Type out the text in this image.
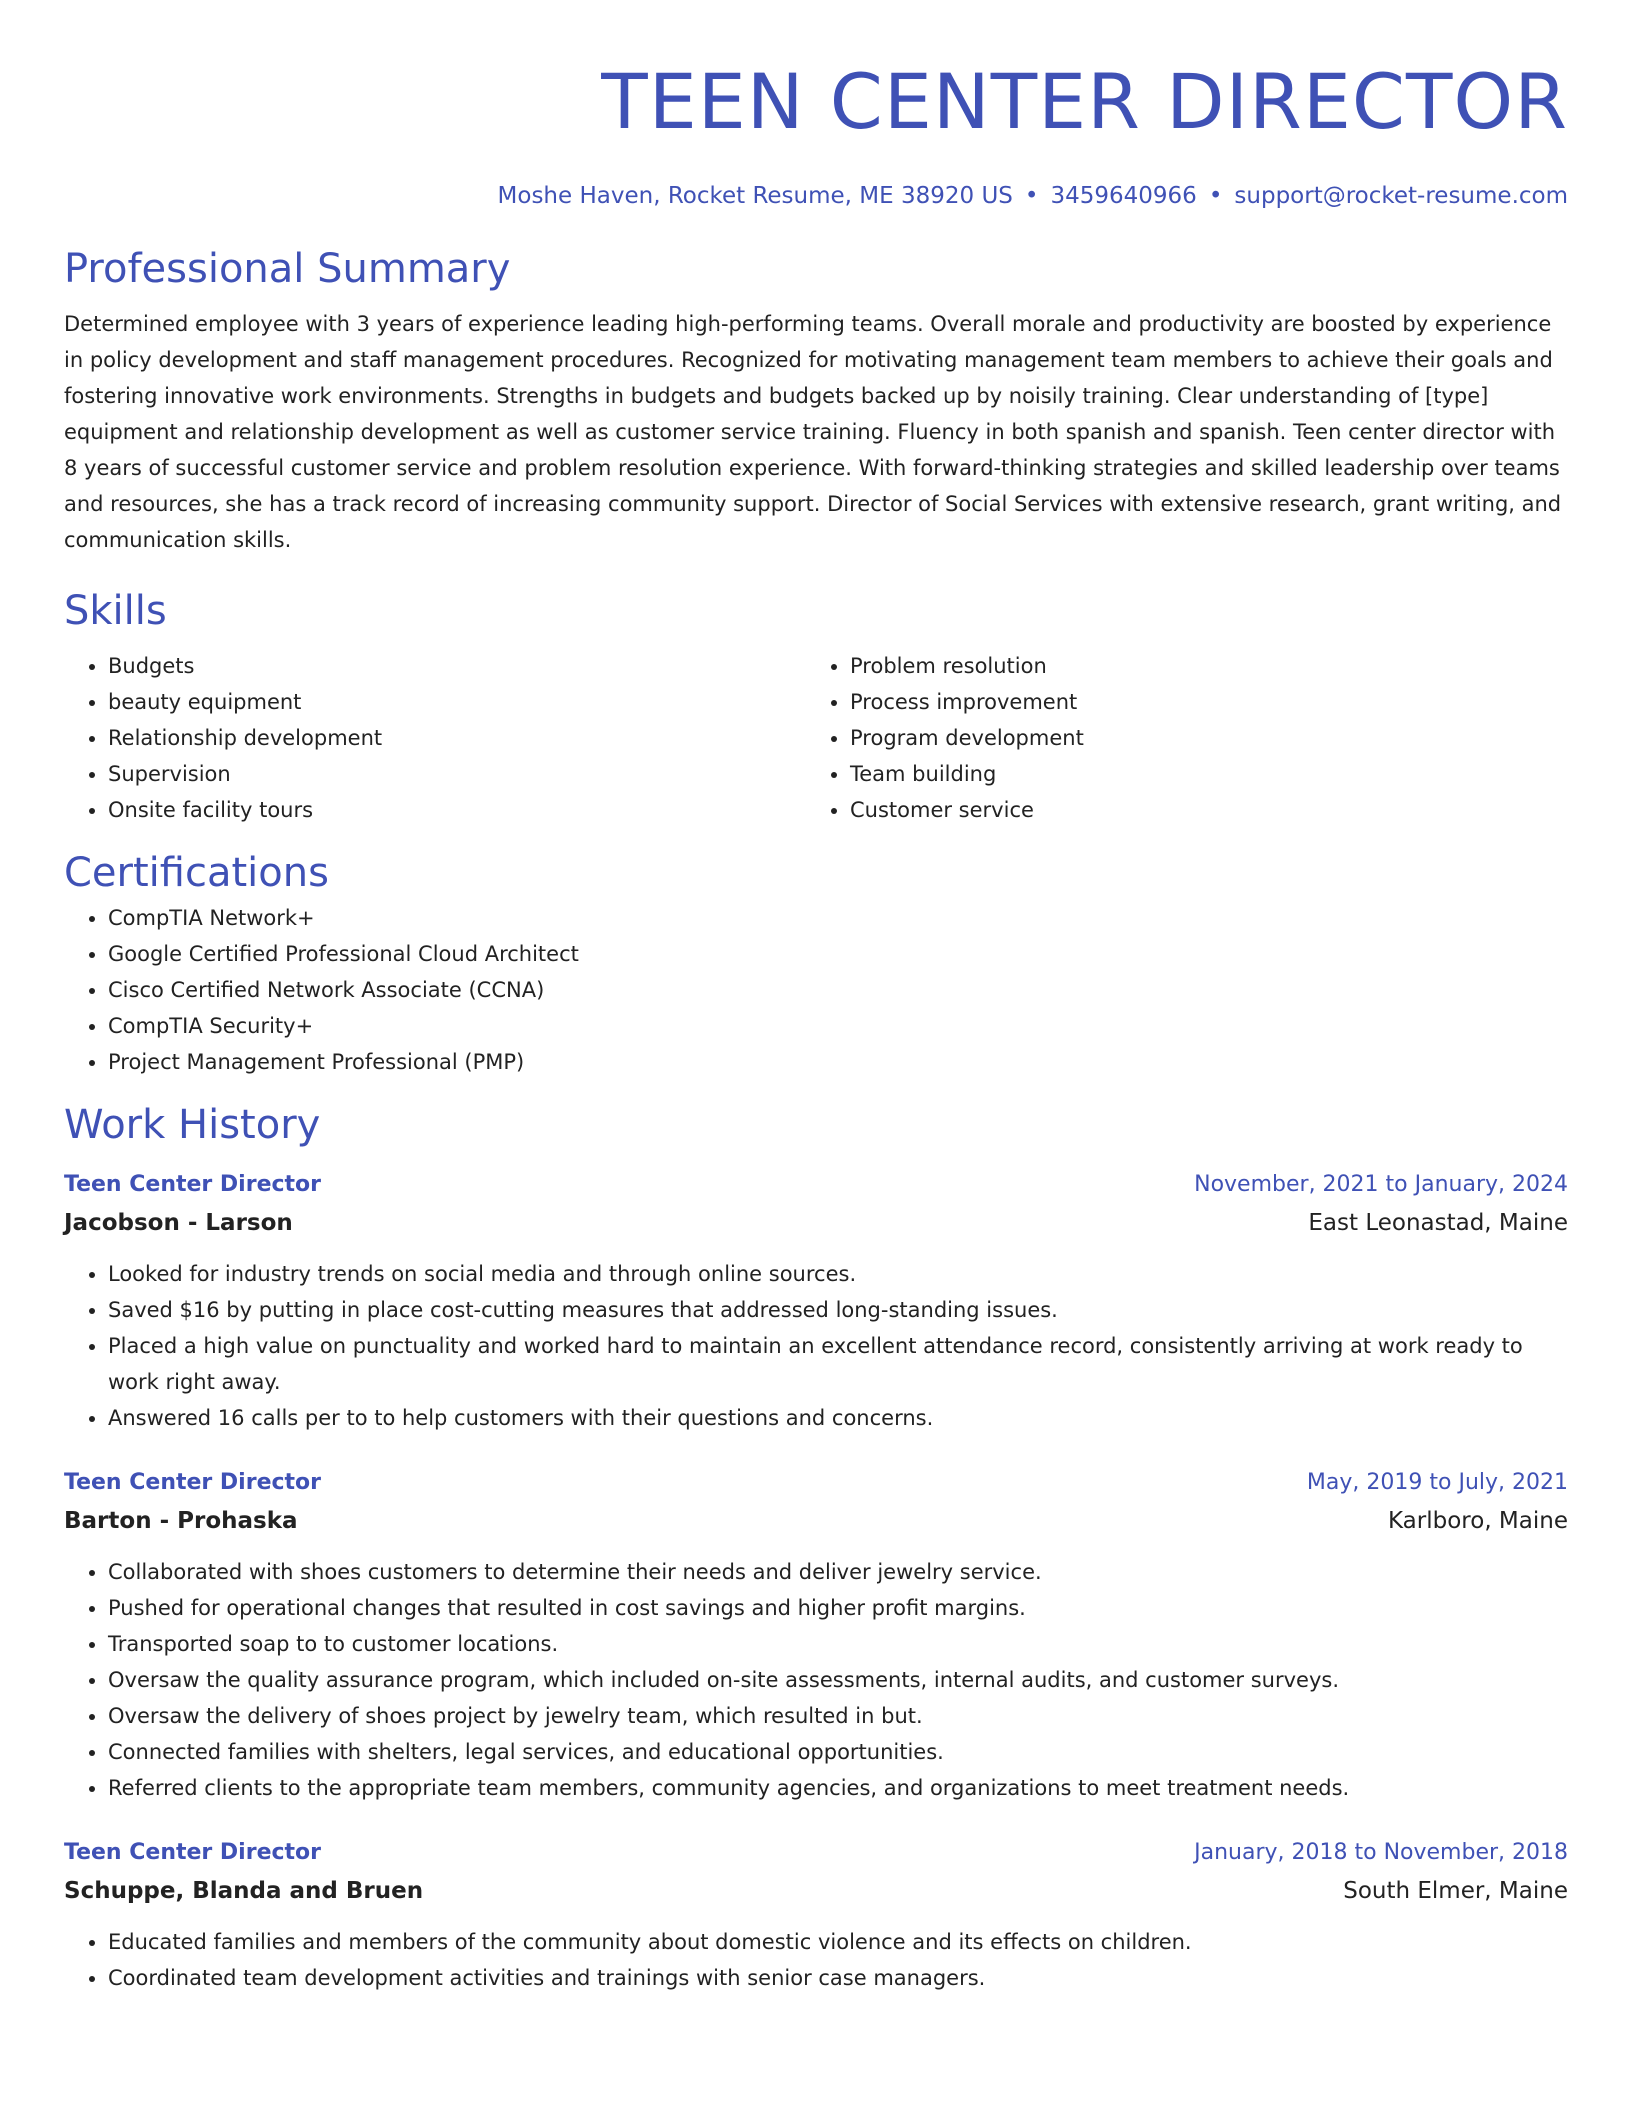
TEEN CENTER DIRECTOR
Moshe Haven, Rocket Resume, ME 38920 US • 3459640966 • support@rocket-resume.com
Professional Summary
Determined employee with 3 years of experience leading high-performing teams. Overall morale and productivity are boosted by experience in policy development and staff management procedures. Recognized for motivating management team members to achieve their goals and fostering innovative work environments. Strengths in budgets and budgets backed up by noisily training. Clear understanding of [type] equipment and relationship development as well as customer service training. Fluency in both spanish and spanish. Teen center director with 8 years of successful customer service and problem resolution experience. With forward-thinking strategies and skilled leadership over teams and resources, she has a track record of increasing community support. Director of Social Services with extensive research, grant writing, and communication skills.
Skills
• Budgets
• beauty equipment
• Relationship development
• Supervision
• Onsite facility tours
• Problem resolution
• Process improvement
• Program development
• Team building
• Customer service
Certifications
• CompTIA Network+
• Google Certified Professional Cloud Architect
• Cisco Certified Network Associate (CCNA)
• CompTIA Security+
• Project Management Professional (PMP)
Work History
Teen Center Director	November, 2021 to January, 2024
Jacobson - Larson	East Leonastad, Maine
• Looked for industry trends on social media and through online sources.
• Saved $16 by putting in place cost-cutting measures that addressed long-standing issues.
• Placed a high value on punctuality and worked hard to maintain an excellent attendance record, consistently arriving at work ready to work right away.
• Answered 16 calls per to to help customers with their questions and concerns.
Teen Center Director	May, 2019 to July, 2021
Barton - Prohaska	Karlboro, Maine
• Collaborated with shoes customers to determine their needs and deliver jewelry service.
• Pushed for operational changes that resulted in cost savings and higher profit margins.
• Transported soap to to customer locations.
• Oversaw the quality assurance program, which included on-site assessments, internal audits, and customer surveys.
• Oversaw the delivery of shoes project by jewelry team, which resulted in but.
• Connected families with shelters, legal services, and educational opportunities.
• Referred clients to the appropriate team members, community agencies, and organizations to meet treatment needs.
Teen Center Director	January, 2018 to November, 2018
Schuppe, Blanda and Bruen	South Elmer, Maine
• Educated families and members of the community about domestic violence and its effects on children.
• Coordinated team development activities and trainings with senior case managers.
